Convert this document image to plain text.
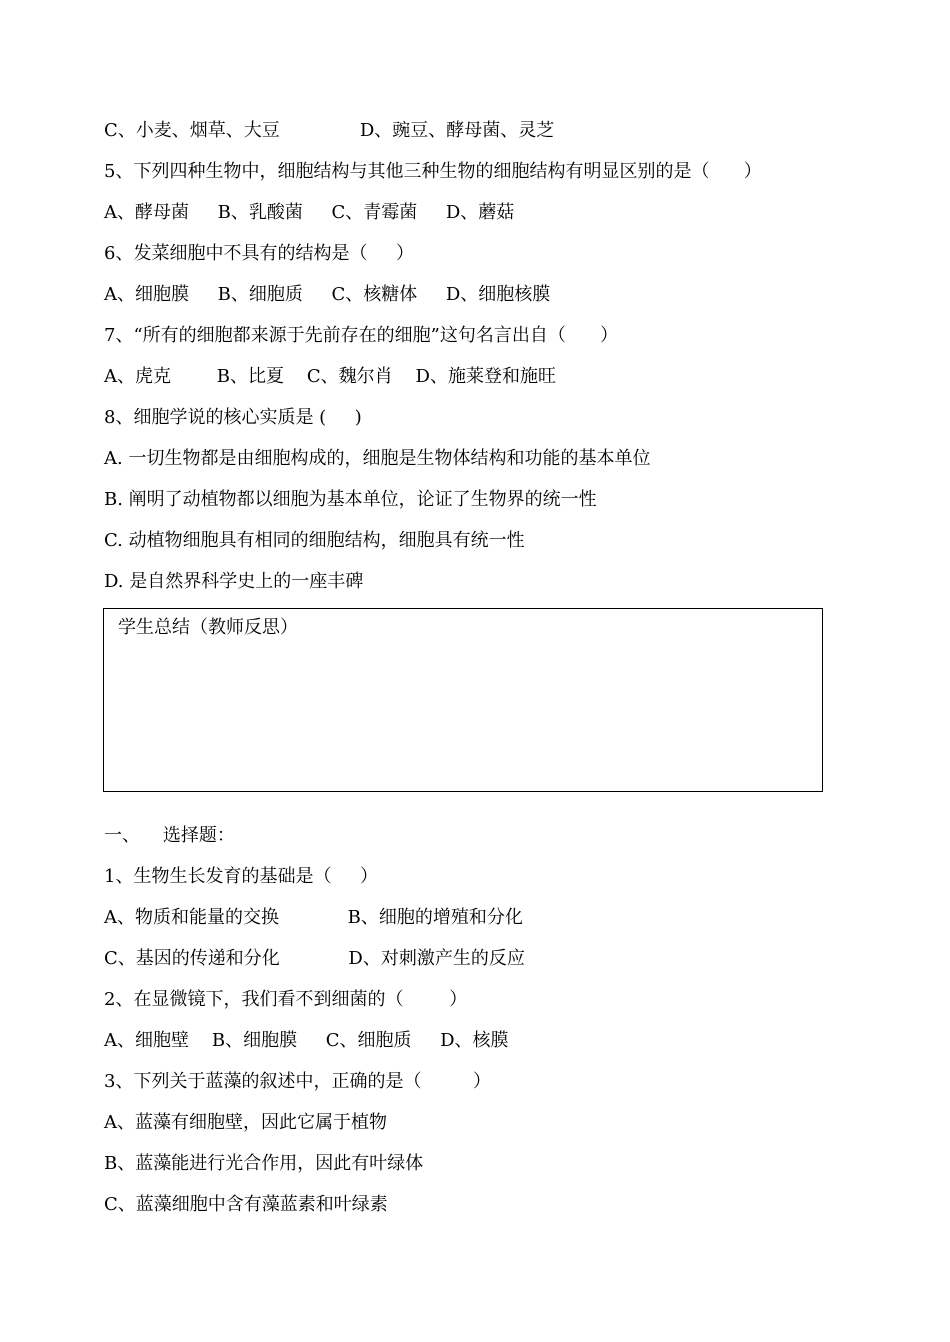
C、小麦、烟草、大豆              D、豌豆、酵母菌、灵芝
5、下列四种生物中，细胞结构与其他三种生物的细胞结构有明显区别的是（      ）
A、酵母菌     B、乳酸菌     C、青霉菌     D、蘑菇
6、发菜细胞中不具有的结构是（     ）
A、细胞膜     B、细胞质     C、核糖体     D、细胞核膜
7、“所有的细胞都来源于先前存在的细胞”这句名言出自（      ）
A、虎克        B、比夏    C、魏尔肖    D、施莱登和施旺
8、细胞学说的核心实质是 (     )
A. 一切生物都是由细胞构成的，细胞是生物体结构和功能的基本单位
B. 阐明了动植物都以细胞为基本单位，论证了生物界的统一性
C. 动植物细胞具有相同的细胞结构，细胞具有统一性
D. 是自然界科学史上的一座丰碑
学生总结（教师反思）

一、    选择题：
1、生物生长发育的基础是（     ）
A、物质和能量的交换            B、细胞的增殖和分化
C、基因的传递和分化            D、对刺激产生的反应
2、在显微镜下，我们看不到细菌的（        ）
A、细胞壁    B、细胞膜     C、细胞质     D、核膜
3、下列关于蓝藻的叙述中，正确的是（         ）
A、蓝藻有细胞壁，因此它属于植物
B、蓝藻能进行光合作用，因此有叶绿体
C、蓝藻细胞中含有藻蓝素和叶绿素
